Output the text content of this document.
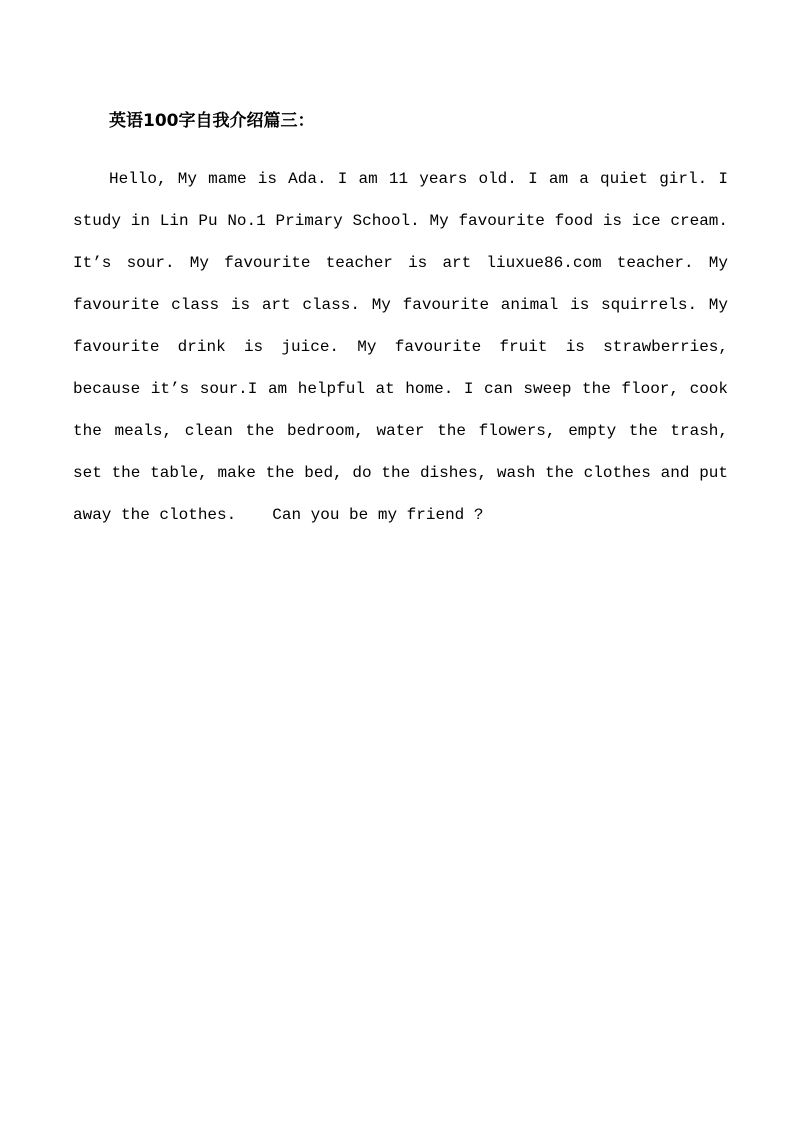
英语100字自我介绍篇三：

Hello, My mame is Ada. I am 11 years old. I am a quiet girl. I study in Lin Pu No.1 Primary School. My favourite food is ice cream. It’s sour. My favourite teacher is art liuxue86.com teacher. My favourite class is art class. My favourite animal is squirrels. My favourite drink is juice. My favourite fruit is strawberries, because it’s sour.I am helpful at home. I can sweep the floor, cook the meals, clean the bedroom, water the flowers, empty the trash, set the table, make the bed, do the dishes, wash the clothes and put away the clothes. Can you be my friend ?
